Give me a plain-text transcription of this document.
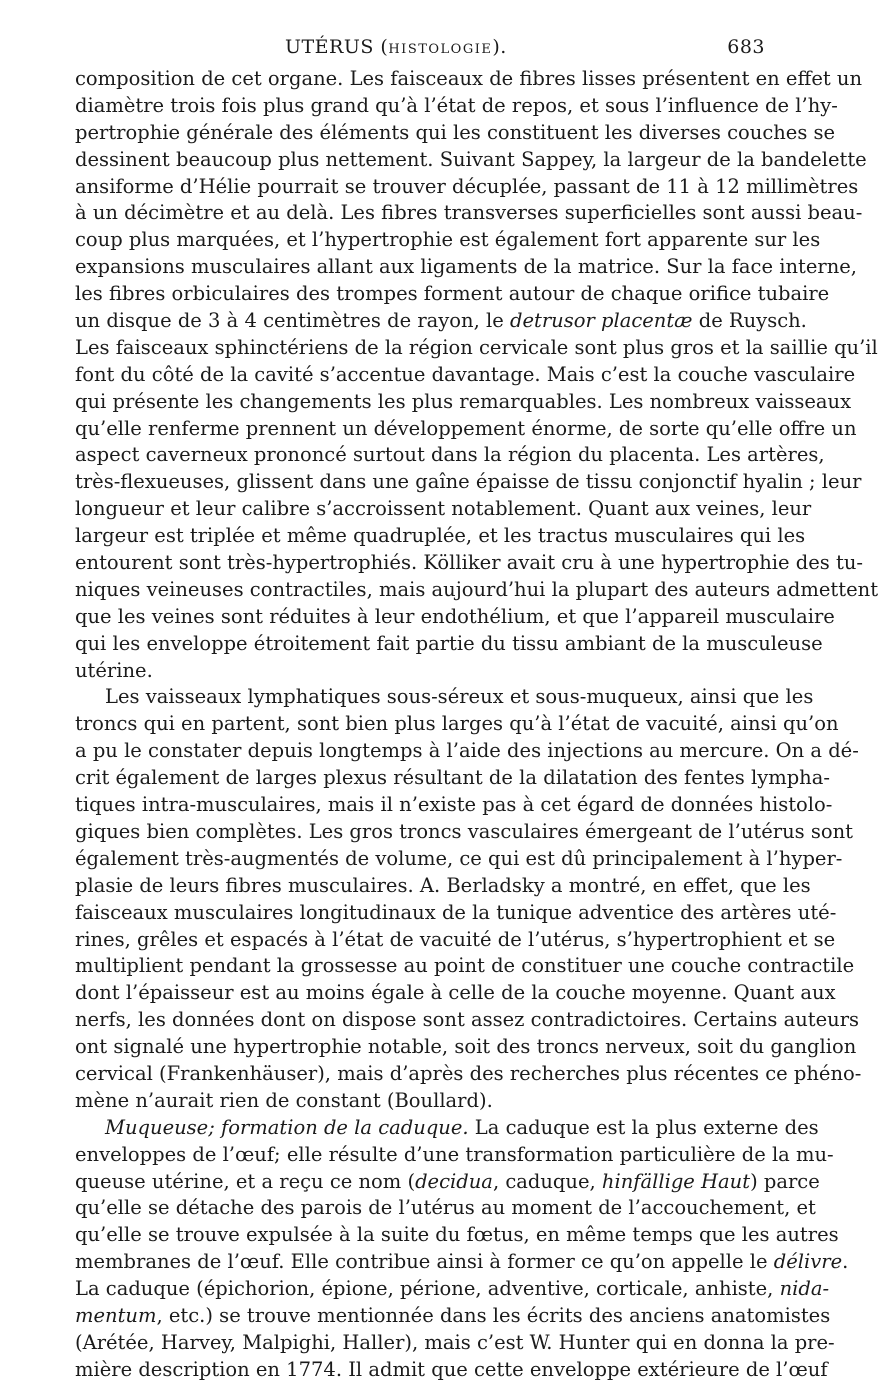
UTÉRUS (HISTOLOGIE).	683
composition de cet organe. Les faisceaux de fibres lisses présentent en effet un
diamètre trois fois plus grand qu’à l’état de repos, et sous l’influence de l’hy-
pertrophie générale des éléments qui les constituent les diverses couches se
dessinent beaucoup plus nettement. Suivant Sappey, la largeur de la bandelette
ansiforme d’Hélie pourrait se trouver décuplée, passant de 11 à 12 millimètres
à un décimètre et au delà. Les fibres transverses superficielles sont aussi beau-
coup plus marquées, et l’hypertrophie est également fort apparente sur les
expansions musculaires allant aux ligaments de la matrice. Sur la face interne,
les fibres orbiculaires des trompes forment autour de chaque orifice tubaire
un disque de 3 à 4 centimètres de rayon, le detrusor placentæ de Ruysch.
Les faisceaux sphinctériens de la région cervicale sont plus gros et la saillie qu’il
font du côté de la cavité s’accentue davantage. Mais c’est la couche vasculaire
qui présente les changements les plus remarquables. Les nombreux vaisseaux
qu’elle renferme prennent un développement énorme, de sorte qu’elle offre un
aspect caverneux prononcé surtout dans la région du placenta. Les artères,
très-flexueuses, glissent dans une gaîne épaisse de tissu conjonctif hyalin ; leur
longueur et leur calibre s’accroissent notablement. Quant aux veines, leur
largeur est triplée et même quadruplée, et les tractus musculaires qui les
entourent sont très-hypertrophiés. Kölliker avait cru à une hypertrophie des tu-
niques veineuses contractiles, mais aujourd’hui la plupart des auteurs admettent
que les veines sont réduites à leur endothélium, et que l’appareil musculaire
qui les enveloppe étroitement fait partie du tissu ambiant de la musculeuse
utérine.
Les vaisseaux lymphatiques sous-séreux et sous-muqueux, ainsi que les
troncs qui en partent, sont bien plus larges qu’à l’état de vacuité, ainsi qu’on
a pu le constater depuis longtemps à l’aide des injections au mercure. On a dé-
crit également de larges plexus résultant de la dilatation des fentes lympha-
tiques intra-musculaires, mais il n’existe pas à cet égard de données histolo-
giques bien complètes. Les gros troncs vasculaires émergeant de l’utérus sont
également très-augmentés de volume, ce qui est dû principalement à l’hyper-
plasie de leurs fibres musculaires. A. Berladsky a montré, en effet, que les
faisceaux musculaires longitudinaux de la tunique adventice des artères uté-
rines, grêles et espacés à l’état de vacuité de l’utérus, s’hypertrophient et se
multiplient pendant la grossesse au point de constituer une couche contractile
dont l’épaisseur est au moins égale à celle de la couche moyenne. Quant aux
nerfs, les données dont on dispose sont assez contradictoires. Certains auteurs
ont signalé une hypertrophie notable, soit des troncs nerveux, soit du ganglion
cervical (Frankenhäuser), mais d’après des recherches plus récentes ce phéno-
mène n’aurait rien de constant (Boullard).
Muqueuse; formation de la caduque. La caduque est la plus externe des
enveloppes de l’œuf; elle résulte d’une transformation particulière de la mu-
queuse utérine, et a reçu ce nom (decidua, caduque, hinfällige Haut) parce
qu’elle se détache des parois de l’utérus au moment de l’accouchement, et
qu’elle se trouve expulsée à la suite du fœtus, en même temps que les autres
membranes de l’œuf. Elle contribue ainsi à former ce qu’on appelle le délivre.
La caduque (épichorion, épione, périone, adventive, corticale, anhiste, nida-
mentum, etc.) se trouve mentionnée dans les écrits des anciens anatomistes
(Arétée, Harvey, Malpighi, Haller), mais c’est W. Hunter qui en donna la pre-
mière description en 1774. Il admit que cette enveloppe extérieure de l’œuf
